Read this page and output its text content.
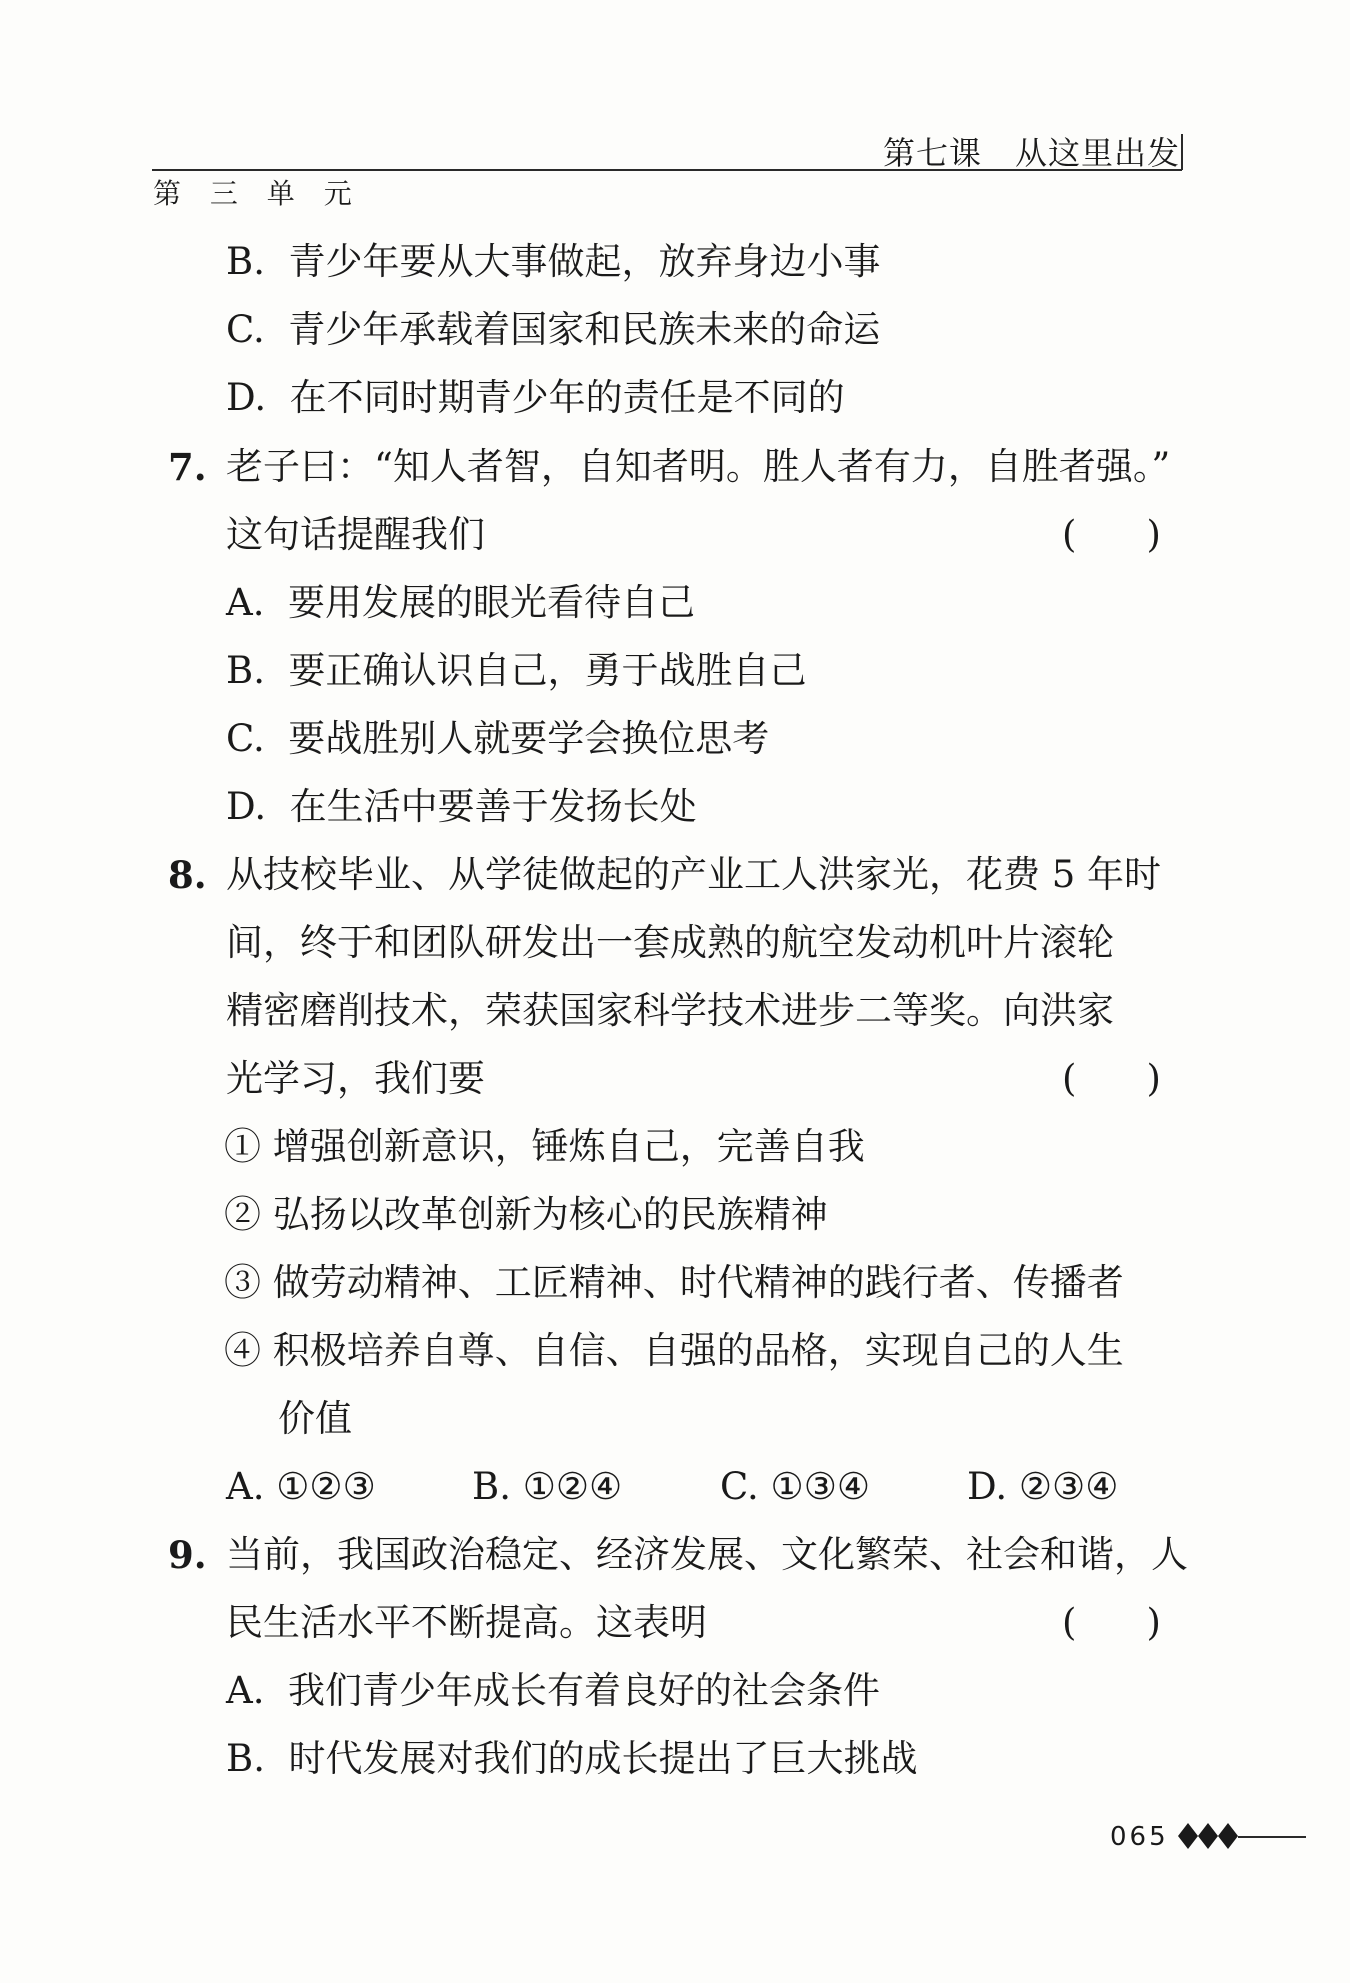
第七课　从这里出发
第 三 单 元
B. 青少年要从大事做起，放弃身边小事
C. 青少年承载着国家和民族未来的命运
D. 在不同时期青少年的责任是不同的
7. 老子曰：“知人者智，自知者明。胜人者有力，自胜者强。”
这句话提醒我们	( )
A. 要用发展的眼光看待自己
B. 要正确认识自己，勇于战胜自己
C. 要战胜别人就要学会换位思考
D. 在生活中要善于发扬长处
8. 从技校毕业、从学徒做起的产业工人洪家光，花费 5 年时
间，终于和团队研发出一套成熟的航空发动机叶片滚轮
精密磨削技术，荣获国家科学技术进步二等奖。向洪家
光学习，我们要	( )
① 增强创新意识，锤炼自己，完善自我
② 弘扬以改革创新为核心的民族精神
③ 做劳动精神、工匠精神、时代精神的践行者、传播者
④ 积极培养自尊、自信、自强的品格，实现自己的人生
价值
A. ①②③	B. ①②④	C. ①③④	D. ②③④
9. 当前，我国政治稳定、经济发展、文化繁荣、社会和谐，人
民生活水平不断提高。这表明	( )
A. 我们青少年成长有着良好的社会条件
B. 时代发展对我们的成长提出了巨大挑战
065
